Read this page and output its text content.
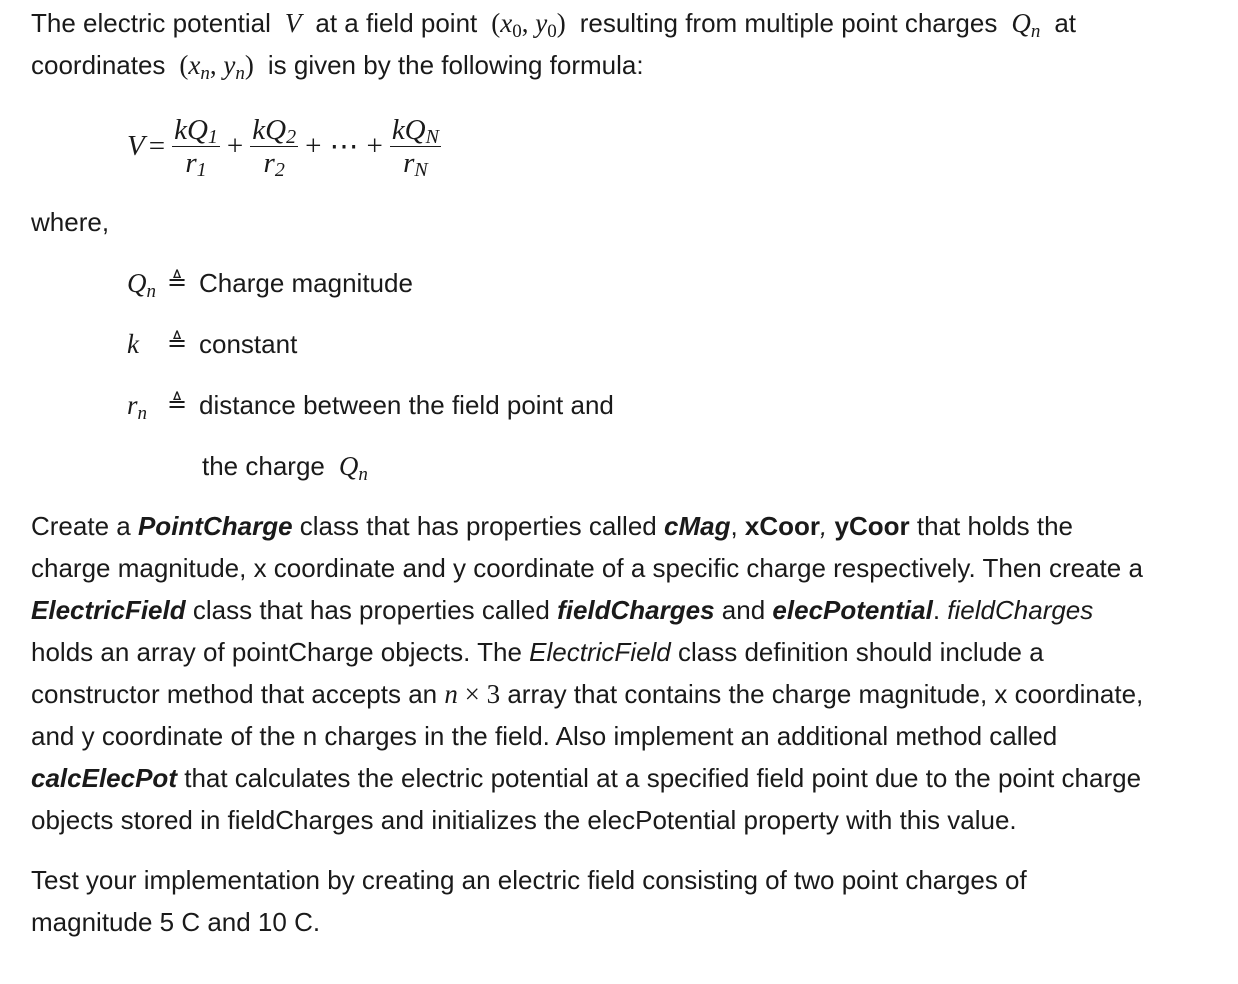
The electric potential  V  at a field point  ($x_0$, $y_0$)  resulting from multiple point charges  $Q_n$ at
coordinates  ($x_n$, $y_n$)  is given by the following formula:
$V = \frac{kQ_1}{r_1} + \frac{kQ_2}{r_2}$ + ⋯ + $\frac{kQ_N}{r_N}$
where,
$Q_n$ ≜ Charge magnitude
k	≜ constant
$r_n$ ≜ distance between the field point and
the charge  $Q_n$
Create a PointCharge class that has properties called cMag, xCoor, yCoor that holds the
charge magnitude, x coordinate and y coordinate of a specific charge respectively. Then create a
ElectricField class that has properties called fieldCharges and elecPotential. fieldCharges
holds an array of pointCharge objects. The ElectricField class definition should include a
constructor method that accepts an n × 3 array that contains the charge magnitude, x coordinate,
and y coordinate of the n charges in the field. Also implement an additional method called
calcElecPot that calculates the electric potential at a specified field point due to the point charge
objects stored in fieldCharges and initializes the elecPotential property with this value.
Test your implementation by creating an electric field consisting of two point charges of
magnitude 5 C and 10 C.
